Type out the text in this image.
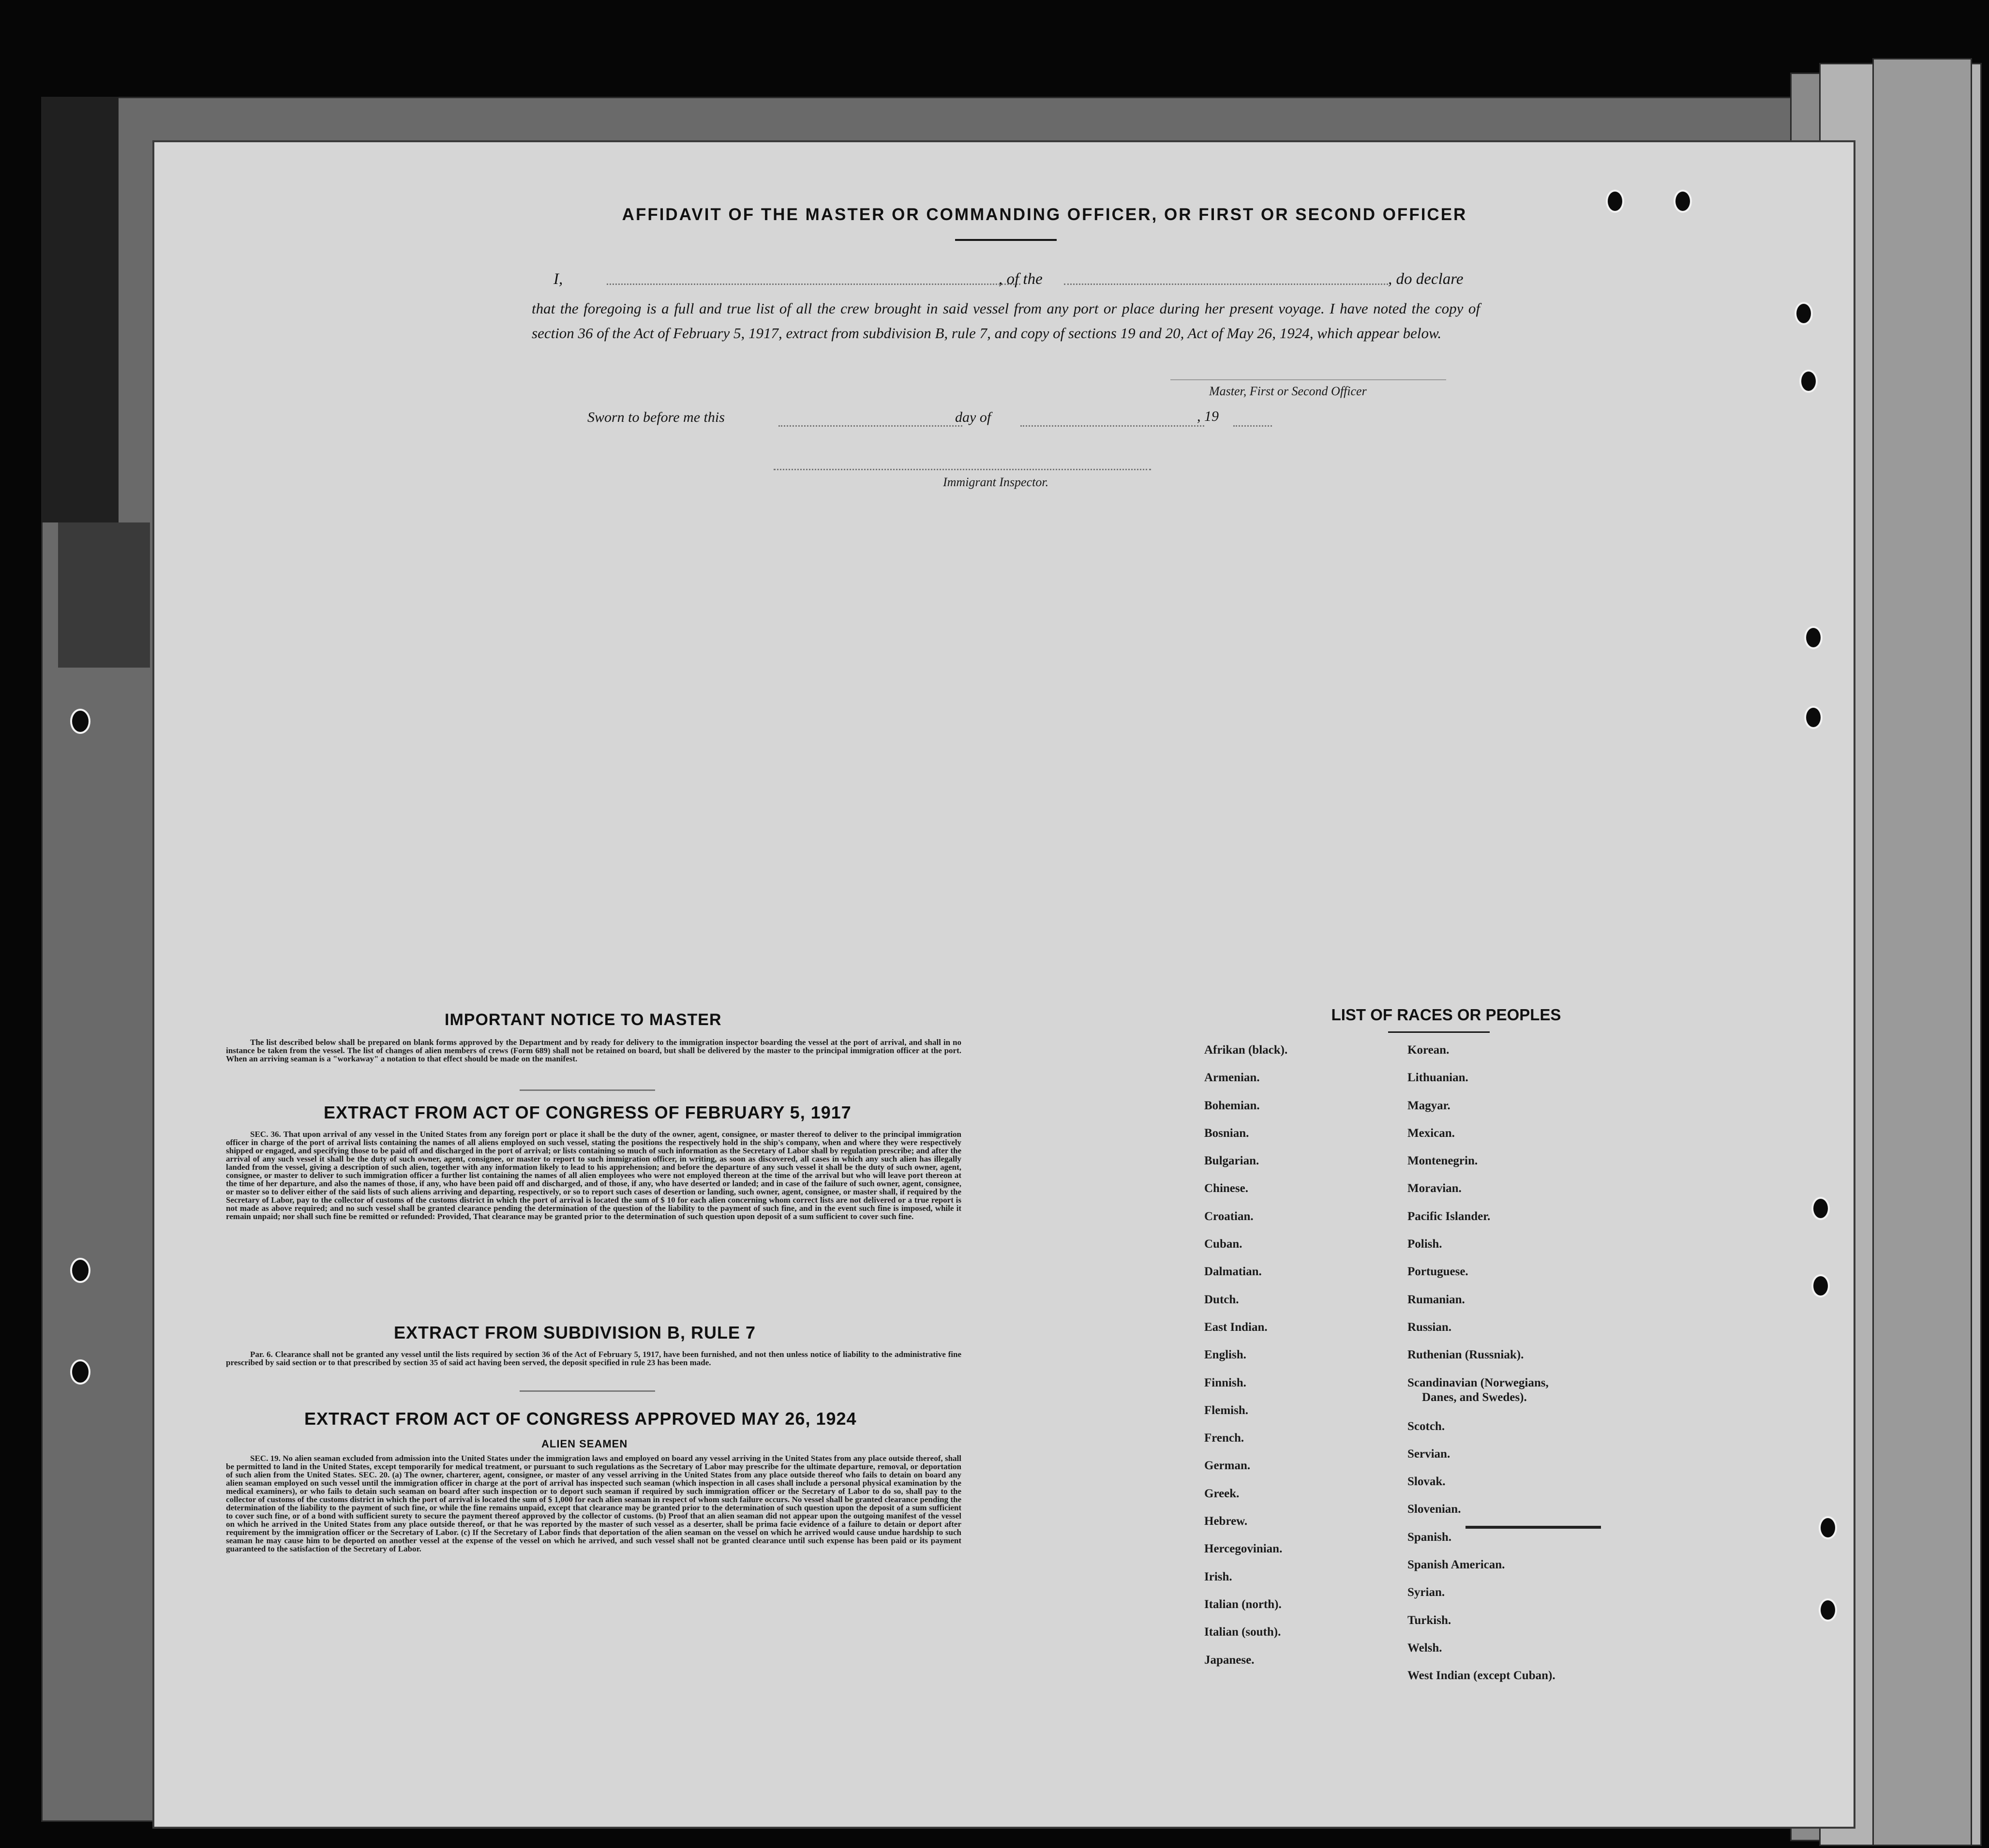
AFFIDAVIT OF THE MASTER OR COMMANDING OFFICER, OR FIRST OR SECOND OFFICER
I,	, of the	, do declare
that the foregoing is a full and true list of all the crew brought in said vessel from any port or place during her present voyage. I have noted the copy of section 36 of the Act of February 5, 1917, extract from subdivision B, rule 7, and copy of sections 19 and 20, Act of May 26, 1924, which appear below.
Master, First or Second Officer
Sworn to before me this	day of	, 19
Immigrant Inspector.
IMPORTANT NOTICE TO MASTER
The list described below shall be prepared on blank forms approved by the Department and by ready for delivery to the immigration inspector boarding the vessel at the port of arrival, and shall in no instance be taken from the vessel. The list of changes of alien members of crews (Form 689) shall not be retained on board, but shall be delivered by the master to the principal immigration officer at the port. When an arriving seaman is a "workaway" a notation to that effect should be made on the manifest.
EXTRACT FROM ACT OF CONGRESS OF FEBRUARY 5, 1917
SEC. 36. That upon arrival of any vessel in the United States from any foreign port or place it shall be the duty of the owner, agent, consignee, or master thereof to deliver to the principal immigration officer in charge of the port of arrival lists containing the names of all aliens employed on such vessel, stating the positions the respectively hold in the ship's company, when and where they were respectively shipped or engaged, and specifying those to be paid off and discharged in the port of arrival; or lists containing so much of such information as the Secretary of Labor shall by regulation prescribe; and after the arrival of any such vessel it shall be the duty of such owner, agent, consignee, or master to report to such immigration officer, in writing, as soon as discovered, all cases in which any such alien has illegally landed from the vessel, giving a description of such alien, together with any information likely to lead to his apprehension; and before the departure of any such vessel it shall be the duty of such owner, agent, consignee, or master to deliver to such immigration officer a further list containing the names of all alien employees who were not employed thereon at the time of the arrival but who will leave port thereon at the time of her departure, and also the names of those, if any, who have been paid off and discharged, and of those, if any, who have deserted or landed; and in case of the failure of such owner, agent, consignee, or master so to deliver either of the said lists of such aliens arriving and departing, respectively, or so to report such cases of desertion or landing, such owner, agent, consignee, or master shall, if required by the Secretary of Labor, pay to the collector of customs of the customs district in which the port of arrival is located the sum of $ 10 for each alien concerning whom correct lists are not delivered or a true report is not made as above required; and no such vessel shall be granted clearance pending the determination of the question of the liability to the payment of such fine, and in the event such fine is imposed, while it remain unpaid; nor shall such fine be remitted or refunded: Provided, That clearance may be granted prior to the determination of such question upon deposit of a sum sufficient to cover such fine.
EXTRACT FROM SUBDIVISION B, RULE 7
Par. 6. Clearance shall not be granted any vessel until the lists required by section 36 of the Act of February 5, 1917, have been furnished, and not then unless notice of liability to the administrative fine prescribed by said section or to that prescribed by section 35 of said act having been served, the deposit specified in rule 23 has been made.
EXTRACT FROM ACT OF CONGRESS APPROVED MAY 26, 1924
ALIEN SEAMEN
SEC. 19. No alien seaman excluded from admission into the United States under the immigration laws and employed on board any vessel arriving in the United States from any place outside thereof, shall be permitted to land in the United States, except temporarily for medical treatment, or pursuant to such regulations as the Secretary of Labor may prescribe for the ultimate departure, removal, or deportation of such alien from the United States. SEC. 20. (a) The owner, charterer, agent, consignee, or master of any vessel arriving in the United States from any place outside thereof who fails to detain on board any alien seaman employed on such vessel until the immigration officer in charge at the port of arrival has inspected such seaman (which inspection in all cases shall include a personal physical examination by the medical examiners), or who fails to detain such seaman on board after such inspection or to deport such seaman if required by such immigration officer or the Secretary of Labor to do so, shall pay to the collector of customs of the customs district in which the port of arrival is located the sum of $ 1,000 for each alien seaman in respect of whom such failure occurs. No vessel shall be granted clearance pending the determination of the liability to the payment of such fine, or while the fine remains unpaid, except that clearance may be granted prior to the determination of such question upon the deposit of a sum sufficient to cover such fine, or of a bond with sufficient surety to secure the payment thereof approved by the collector of customs. (b) Proof that an alien seaman did not appear upon the outgoing manifest of the vessel on which he arrived in the United States from any place outside thereof, or that he was reported by the master of such vessel as a deserter, shall be prima facie evidence of a failure to detain or deport after requirement by the immigration officer or the Secretary of Labor. (c) If the Secretary of Labor finds that deportation of the alien seaman on the vessel on which he arrived would cause undue hardship to such seaman he may cause him to be deported on another vessel at the expense of the vessel on which he arrived, and such vessel shall not be granted clearance until such expense has been paid or its payment guaranteed to the satisfaction of the Secretary of Labor.
LIST OF RACES OR PEOPLES
Afrikan (black).
Armenian.
Bohemian.
Bosnian.
Bulgarian.
Chinese.
Croatian.
Cuban.
Dalmatian.
Dutch.
East Indian.
English.
Finnish.
Flemish.
French.
German.
Greek.
Hebrew.
Hercegovinian.
Irish.
Italian (north).
Italian (south).
Japanese.
Korean.
Lithuanian.
Magyar.
Mexican.
Montenegrin.
Moravian.
Pacific Islander.
Polish.
Portuguese.
Rumanian.
Russian.
Ruthenian (Russniak).
Scandinavian (Norwegians,
Danes, and Swedes).
Scotch.
Servian.
Slovak.
Slovenian.
Spanish.
Spanish American.
Syrian.
Turkish.
Welsh.
West Indian (except Cuban).
